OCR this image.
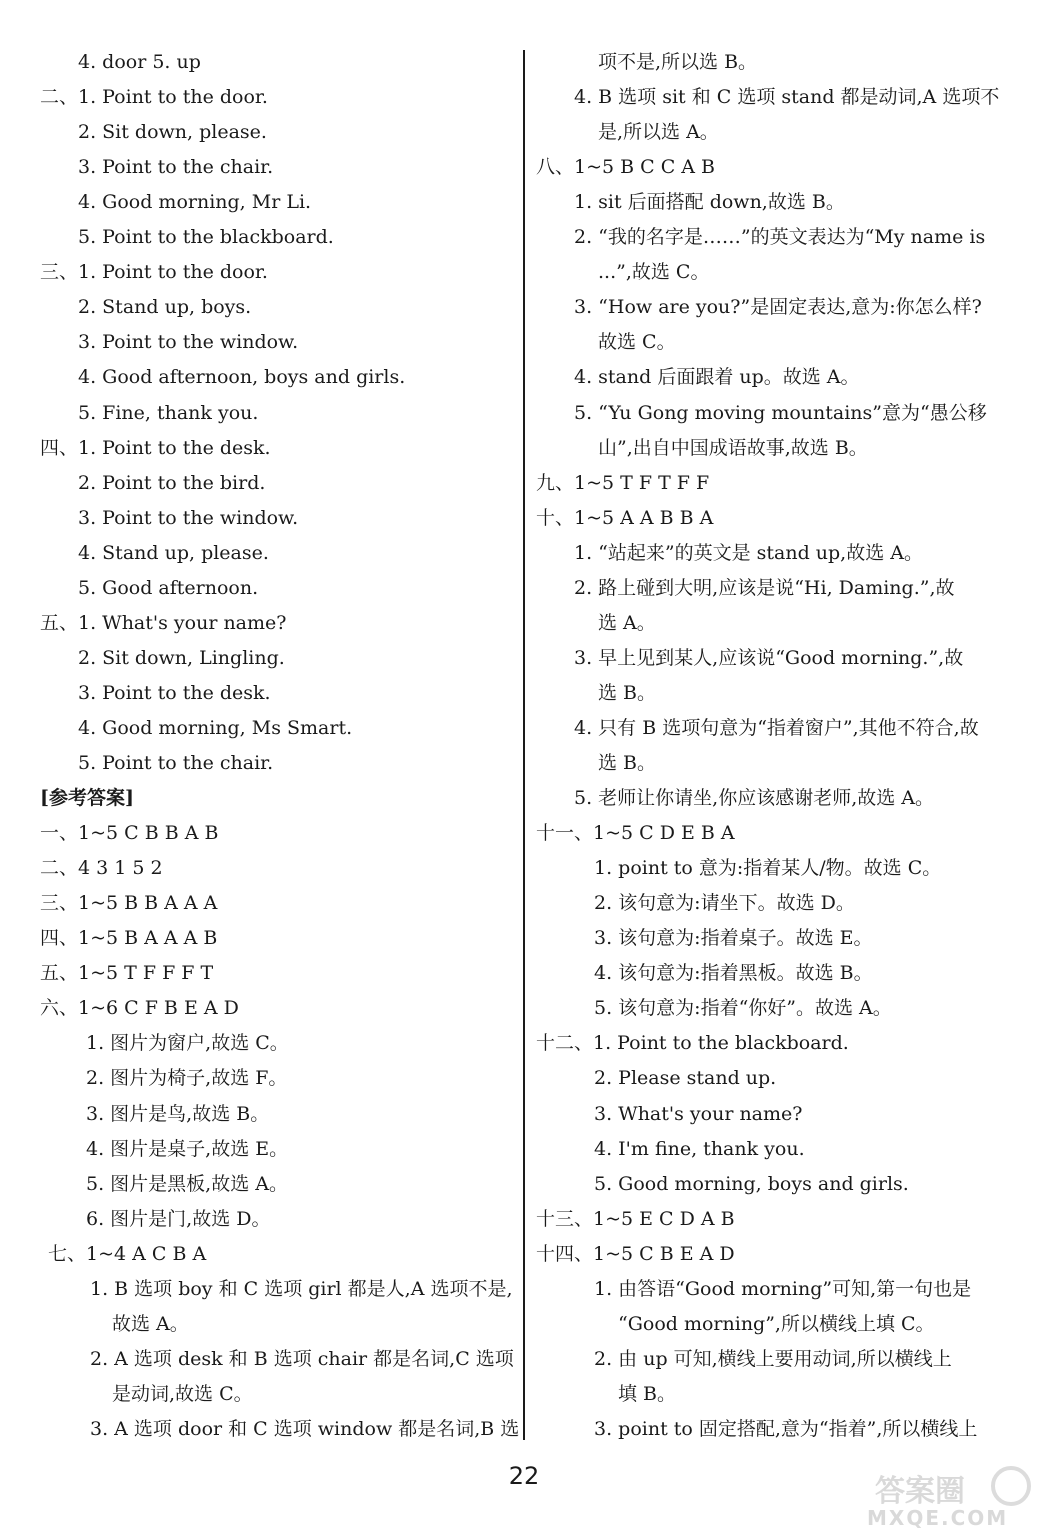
4. door 5. up
二、1. Point to the door.
2. Sit down, please.
3. Point to the chair.
4. Good morning, Mr Li.
5. Point to the blackboard.
三、1. Point to the door.
2. Stand up, boys.
3. Point to the window.
4. Good afternoon, boys and girls.
5. Fine, thank you.
四、1. Point to the desk.
2. Point to the bird.
3. Point to the window.
4. Stand up, please.
5. Good afternoon.
五、1. What's your name?
2. Sit down, Lingling.
3. Point to the desk.
4. Good morning, Ms Smart.
5. Point to the chair.
[参考答案]
一、1~5 C B B A B
二、4 3 1 5 2
三、1~5 B B A A A
四、1~5 B A A A B
五、1~5 T F F F T
六、1~6 C F B E A D
1. 图片为窗户,故选 C。
2. 图片为椅子,故选 F。
3. 图片是鸟,故选 B。
4. 图片是桌子,故选 E。
5. 图片是黑板,故选 A。
6. 图片是门,故选 D。
七、1~4 A C B A
1. B 选项 boy 和 C 选项 girl 都是人,A 选项不是,
故选 A。
2. A 选项 desk 和 B 选项 chair 都是名词,C 选项
是动词,故选 C。
3. A 选项 door 和 C 选项 window 都是名词,B 选
项不是,所以选 B。
4. B 选项 sit 和 C 选项 stand 都是动词,A 选项不
是,所以选 A。
八、1~5 B C C A B
1. sit 后面搭配 down,故选 B。
2. “我的名字是……”的英文表达为“My name is
...”,故选 C。
3. “How are you?”是固定表达,意为:你怎么样?
故选 C。
4. stand 后面跟着 up。故选 A。
5. “Yu Gong moving mountains”意为“愚公移
山”,出自中国成语故事,故选 B。
九、1~5 T F T F F
十、1~5 A A B B A
1. “站起来”的英文是 stand up,故选 A。
2. 路上碰到大明,应该是说“Hi, Daming.”,故
选 A。
3. 早上见到某人,应该说“Good morning.”,故
选 B。
4. 只有 B 选项句意为“指着窗户”,其他不符合,故
选 B。
5. 老师让你请坐,你应该感谢老师,故选 A。
十一、1~5 C D E B A
1. point to 意为:指着某人/物。故选 C。
2. 该句意为:请坐下。故选 D。
3. 该句意为:指着桌子。故选 E。
4. 该句意为:指着黑板。故选 B。
5. 该句意为:指着“你好”。故选 A。
十二、1. Point to the blackboard.
2. Please stand up.
3. What's your name?
4. I'm fine, thank you.
5. Good morning, boys and girls.
十三、1~5 E C D A B
十四、1~5 C B E A D
1. 由答语“Good morning”可知,第一句也是
“Good morning”,所以横线上填 C。
2. 由 up 可知,横线上要用动词,所以横线上
填 B。
3. point to 固定搭配,意为“指着”,所以横线上
22	答案圈
MXQE.COM
